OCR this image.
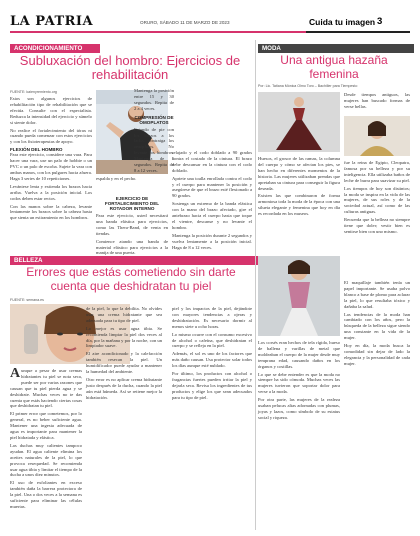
LA PATRIA	ORURO, SÁBADO 11 DE MARZO DE 2023	Cuida tu imagen 3
ACONDICIONAMIENTO
Subluxación del hombro: Ejercicios de rehabilitación
FUENTE: kaienyremiento.org
Estos son algunos ejercicios de rehabilitación tipo de rehabilitación que se efectúa. Consulte con el especialista. Reduzca la intensidad del ejercicio y súmelo si siente dolor.
No realice el fortalecimiento del tórax ni cuando pueda comenzar con estos ejercicios y con los fisioterapeutas de apoyo.
FLEXIÓN DEL HOMBRO
Para este ejercicio, considere una vara. Para hacer una vara, use un palo de hobbie o un PVC o un palo de escoba. Sujete la vara con ambas manos, con los pulgares hacia afuera. Haga 3 series de 10 repeticiones.
Levántese lenta y extienda los brazos hacia arriba. Vuelva a la posición inicial. Los codos deben estar rectos.
Con las manos sobre la cabeza, levante lentamente los brazos sobre la cabeza hasta que sienta un estiramiento en los hombros.
espalda y en el pecho.
Mantenga la posición entre 15 y 30 segundos. Repita de 2 a 4 veces.
COMPRESIÓN DE OMOPLATOS
Estando de pie con los brazos a los lados, contraiga los omóplatos. No levante los hombros. Mantenga de 5 segundos. Repita de 8 a 12 veces.
EJERCICIO DE FORTALECIMIENTO DEL ROTADOR INTERNO
Para este ejercicio, usted necesitará una banda elástica para ejercicios, como las Thera-Band, de venta en tiendas.
Comience atando una banda de material elástico para ejercicios a la manija de una puerta.
relajado y el codo doblado a 90 grados contra el costado de la cintura. El brazo debe descansar en la cintura con el codo doblado.
Apriete una toalla enrollada contra el codo y el cuerpo para mantener la posición y asegúrese de que el brazo esté flexionado a 90 grados.
Sostenga un extremo de la banda elástica con la mano del brazo afectado, gire el antebrazo hacia el cuerpo hasta que toque el vientre, descanse y no levante el hombro.
Mantenga la posición durante 2 segundos y vuelva lentamente a la posición inicial. Haga de 8 a 12 veces.
BELLEZA
Errores que estás cometiendo sin darte cuenta que deshidratan tu piel
FUENTE: semana.es
Aunque a pesar de usar cremas hidratantes tu piel se nota seca, puede ser por varias razones que causan que tu piel pierda agua y se deshidrate. Muchas veces no te das cuenta que estás haciendo ciertas cosas que deshidratan tu piel.
El primer error que cometemos, por lo general, es no beber suficiente agua. Mantener una ingesta adecuada de agua es importante para mantener la piel hidratada y elástica.
Las duchas muy calientes tampoco ayudan. El agua caliente elimina los aceites naturales de la piel, lo que provoca resequedad. Se recomienda usar agua tibia y limitar el tiempo de la ducha a unos diez minutos.
El uso de exfoliantes en exceso también daña la barrera protectora de la piel. Una o dos veces a la semana es suficiente para eliminar las células muertas.
de la piel, lo que la debilita. No olvides usar una crema hidratante que sea adecuada para tu tipo de piel.
Lo mejor es usar agua tibia. Se recomienda limpiar la piel dos veces al día, por la mañana y por la noche, con un limpiador suave.
El aire acondicionado y la calefacción también resecan la piel. Un humidificador puede ayudar a mantener la humedad del ambiente.
Otro error es no aplicar crema hidratante justo después de la ducha, cuando la piel aún está húmeda. Así se retiene mejor la hidratación.
piel y los impactos de la piel, dejándote con mayores tendencias a ojeras y deshidratación. Es necesario dormir al menos siete u ocho horas.
Lo mismo ocurre con el consumo excesivo de alcohol o cafeína, que deshidratan el cuerpo y se refleja en la piel.
Además, el sol es uno de los factores que más daño causan. Usa protector solar todos los días aunque esté nublado.
Por último, los productos con alcohol o fragancias fuertes pueden irritar la piel y dejarla seca. Revisa los ingredientes de tus productos y elige los que sean adecuados para tu tipo de piel.
MODA
Una antigua hazaña femenina
Por: Lic. Tatiana Mónica Olmo Toro – Bachiller para Tiempesto
Desde tiempos antiguos, las mujeres han buscado formas de verse bellas.
Huesos, el grosor de las ramas, la columna del cuerpo y cómo se afectan los pies, se han hecho en diferentes momentos de la historia. Las mujeres utilizaban prendas que apretaban su cintura para conseguir la figura deseada.
Existen las que combinaron de forma armoniosa toda la moda de la época con una silueta elegante y femenina que hoy en día es recordada en los museos.
fue la reina de Egipto, Cleopatra, famosa por su belleza y por su inteligencia. Ella utilizaba baños de leche de burra para suavizar su piel.
Los tiempos de hoy son distintos; la moda se inspira en la vida de las mujeres, de sus roles y de la sociedad actual, así como de las culturas antiguas.
Recuerda que la belleza no siempre tiene que doler; vestir bien es sentirse bien con uno mismo.
Los corsés eran hechos de tela rígida, hueso de ballena y varillas de metal que moldeaban el cuerpo de la mujer desde muy temprana edad, causando daños en los órganos y costillas.
Lo que se debe entender es que la moda no siempre ha sido cómoda. Muchas veces las mujeres tuvieron que soportar dolor para verse a la moda.
Por otra parte, las mujeres de la realeza usaban pelucas altas adornadas con plumas, joyas y lazos, como símbolo de su estatus social y riqueza.
El maquillaje también tenía un papel importante. Se usaba polvo blanco a base de plomo para aclarar la piel, lo que resultaba tóxico y dañaba la salud.
Las tendencias de la moda han cambiado con los años, pero la búsqueda de la belleza sigue siendo una constante en la vida de la mujer.
Hoy en día, la moda busca la comodidad sin dejar de lado la elegancia y la personalidad de cada mujer.
